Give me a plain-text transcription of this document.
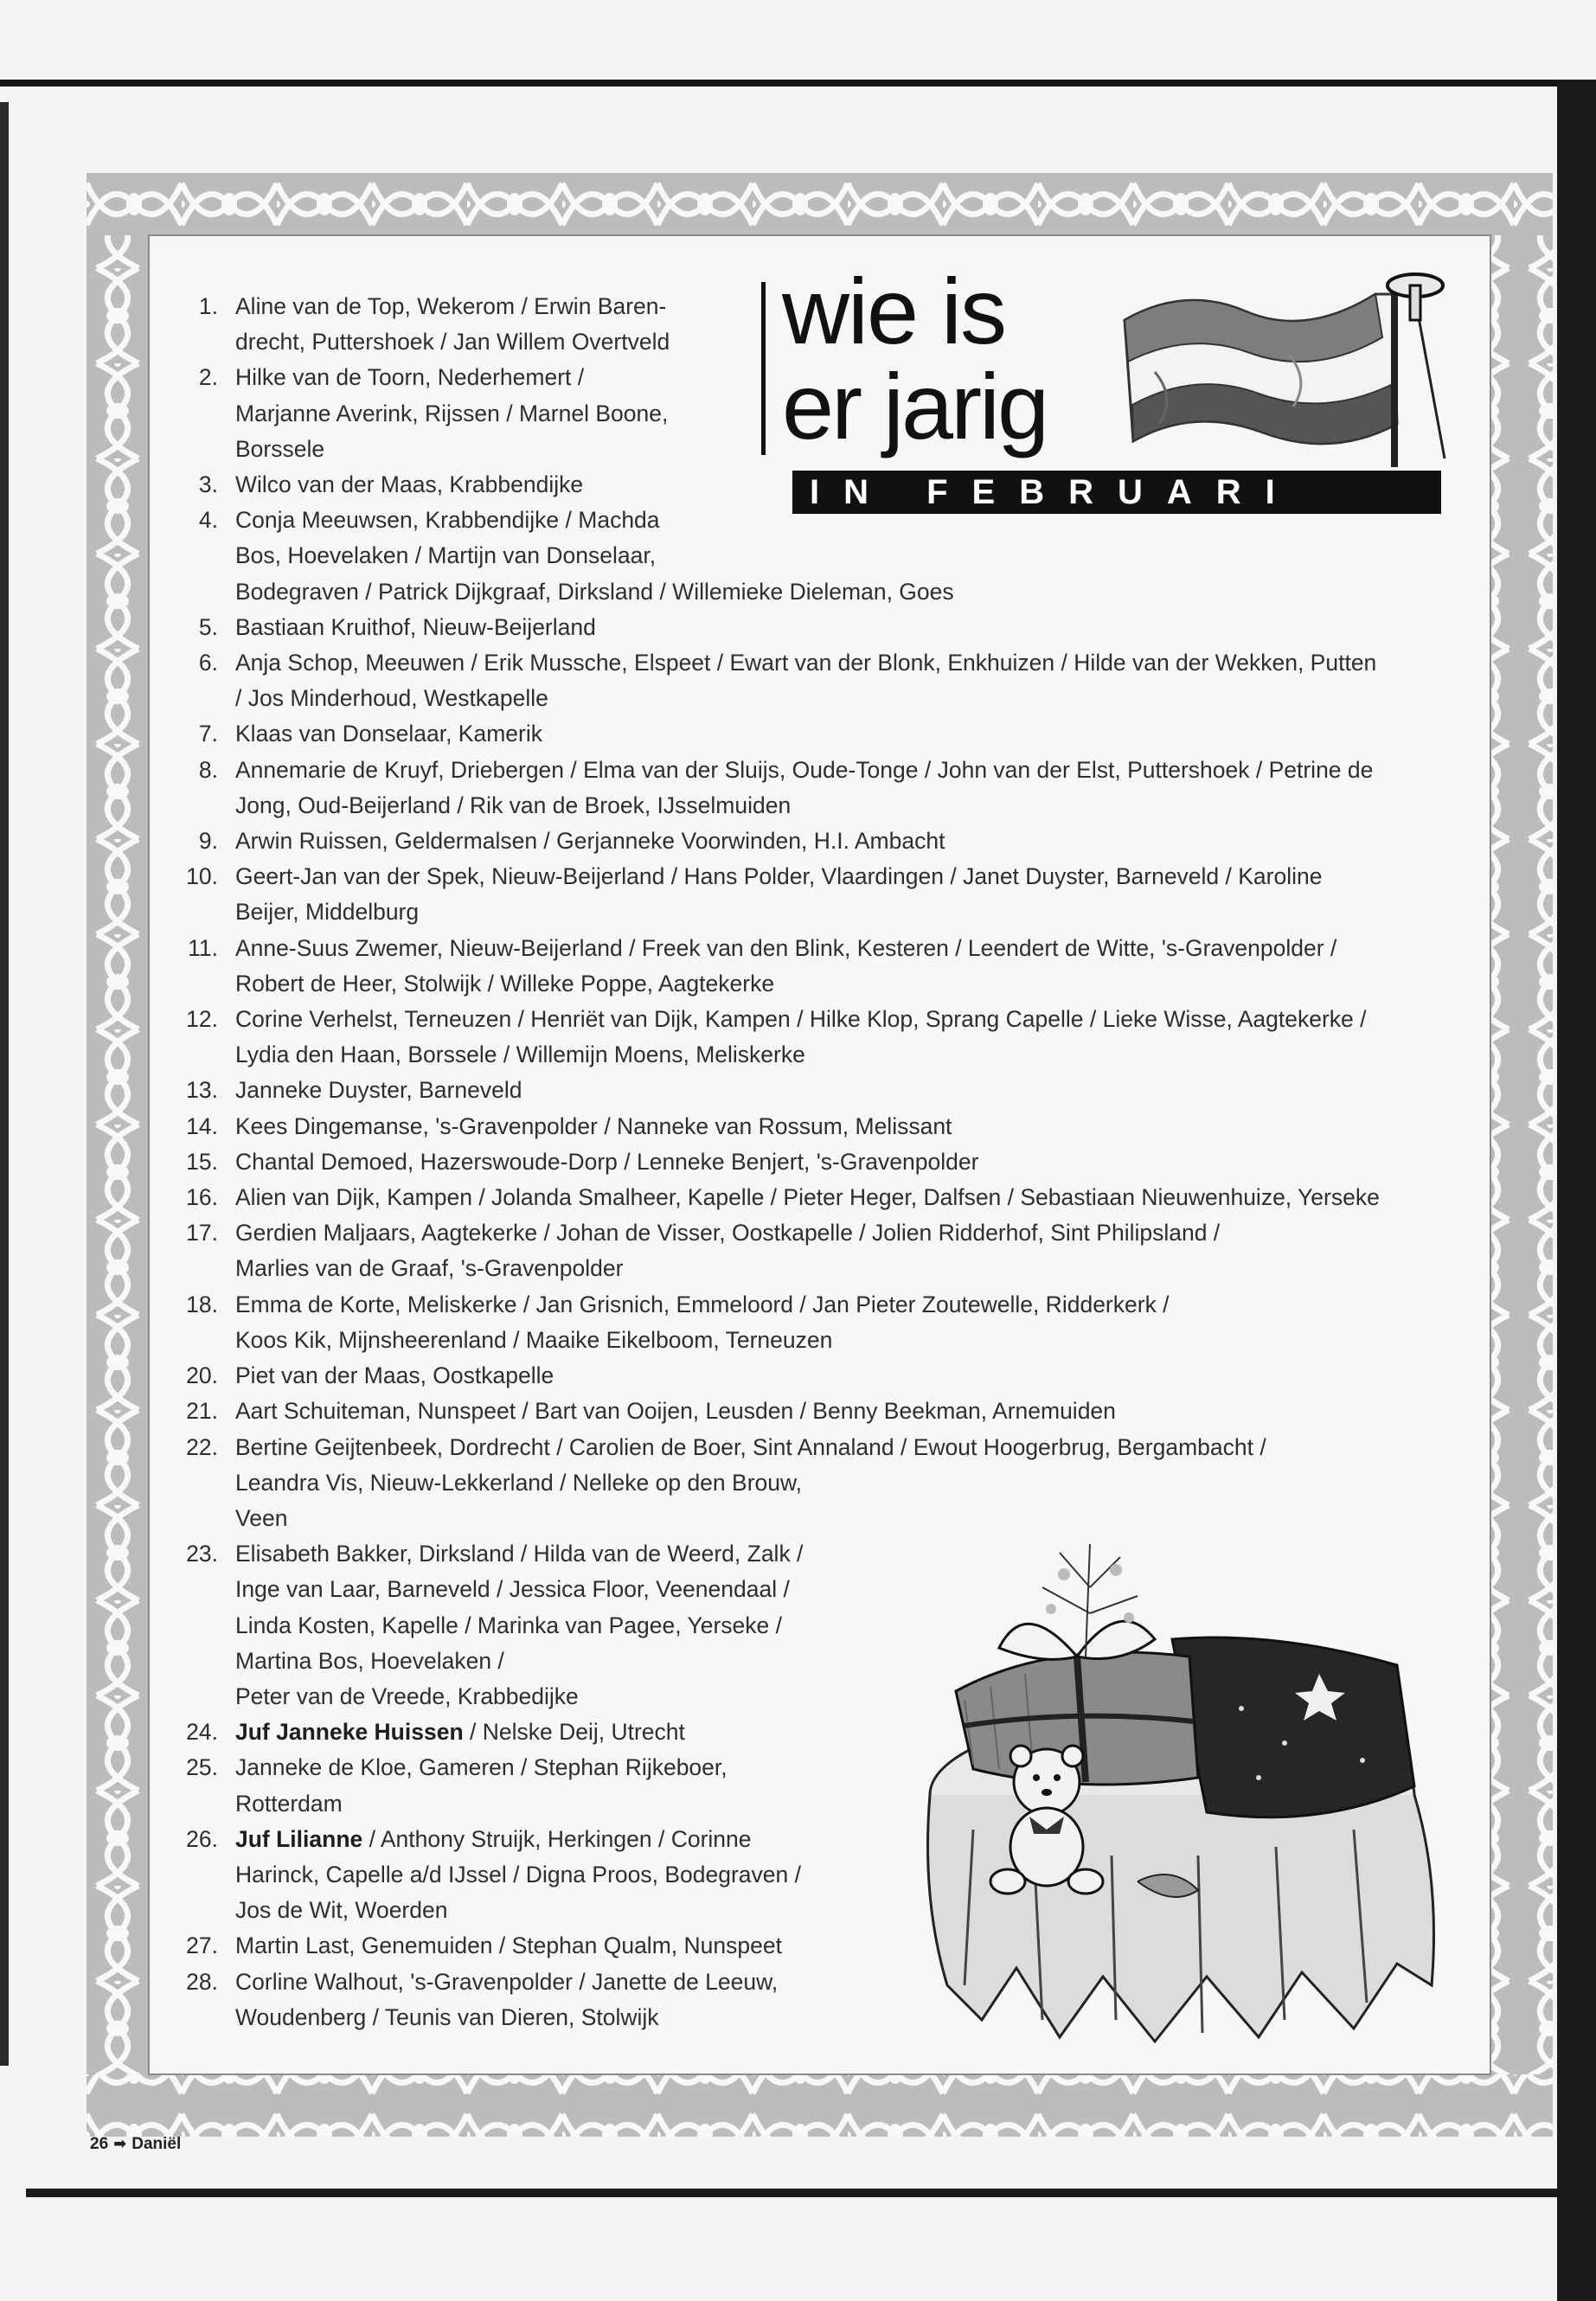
1. Aline van de Top, Wekerom / Erwin Baren-
drecht, Puttershoek / Jan Willem Overtveld
2. Hilke van de Toorn, Nederhemert /
Marjanne Averink, Rijssen / Marnel Boone,
Borssele
3. Wilco van der Maas, Krabbendijke
4. Conja Meeuwsen, Krabbendijke / Machda
Bos, Hoevelaken / Martijn van Donselaar,
Bodegraven / Patrick Dijkgraaf, Dirksland / Willemieke Dieleman, Goes
5. Bastiaan Kruithof, Nieuw-Beijerland
6. Anja Schop, Meeuwen / Erik Mussche, Elspeet / Ewart van der Blonk, Enkhuizen / Hilde van der Wekken, Putten
/ Jos Minderhoud, Westkapelle
7. Klaas van Donselaar, Kamerik
8. Annemarie de Kruyf, Driebergen / Elma van der Sluijs, Oude-Tonge / John van der Elst, Puttershoek / Petrine de
Jong, Oud-Beijerland / Rik van de Broek, IJsselmuiden
9. Arwin Ruissen, Geldermalsen / Gerjanneke Voorwinden, H.I. Ambacht
10. Geert-Jan van der Spek, Nieuw-Beijerland / Hans Polder, Vlaardingen / Janet Duyster, Barneveld / Karoline
Beijer, Middelburg
11. Anne-Suus Zwemer, Nieuw-Beijerland / Freek van den Blink, Kesteren / Leendert de Witte, 's-Gravenpolder /
Robert de Heer, Stolwijk / Willeke Poppe, Aagtekerke
12. Corine Verhelst, Terneuzen / Henriët van Dijk, Kampen / Hilke Klop, Sprang Capelle / Lieke Wisse, Aagtekerke /
Lydia den Haan, Borssele / Willemijn Moens, Meliskerke
13. Janneke Duyster, Barneveld
14. Kees Dingemanse, 's-Gravenpolder / Nanneke van Rossum, Melissant
15. Chantal Demoed, Hazerswoude-Dorp / Lenneke Benjert, 's-Gravenpolder
16. Alien van Dijk, Kampen / Jolanda Smalheer, Kapelle / Pieter Heger, Dalfsen / Sebastiaan Nieuwenhuize, Yerseke
17. Gerdien Maljaars, Aagtekerke / Johan de Visser, Oostkapelle / Jolien Ridderhof, Sint Philipsland /
Marlies van de Graaf, 's-Gravenpolder
18. Emma de Korte, Meliskerke / Jan Grisnich, Emmeloord / Jan Pieter Zoutewelle, Ridderkerk /
Koos Kik, Mijnsheerenland / Maaike Eikelboom, Terneuzen
20. Piet van der Maas, Oostkapelle
21. Aart Schuiteman, Nunspeet / Bart van Ooijen, Leusden / Benny Beekman, Arnemuiden
22. Bertine Geijtenbeek, Dordrecht / Carolien de Boer, Sint Annaland / Ewout Hoogerbrug, Bergambacht /
Leandra Vis, Nieuw-Lekkerland / Nelleke op den Brouw,
Veen
23. Elisabeth Bakker, Dirksland / Hilda van de Weerd, Zalk /
Inge van Laar, Barneveld / Jessica Floor, Veenendaal /
Linda Kosten, Kapelle / Marinka van Pagee, Yerseke /
Martina Bos, Hoevelaken /
Peter van de Vreede, Krabbedijke
24. Juf Janneke Huissen / Nelske Deij, Utrecht
25. Janneke de Kloe, Gameren / Stephan Rijkeboer,
Rotterdam
26. Juf Lilianne / Anthony Struijk, Herkingen / Corinne
Harinck, Capelle a/d IJssel / Digna Proos, Bodegraven /
Jos de Wit, Woerden
27. Martin Last, Genemuiden / Stephan Qualm, Nunspeet
28. Corline Walhout, 's-Gravenpolder / Janette de Leeuw,
Woudenberg / Teunis van Dieren, Stolwijk

wie is

er jarig

IN FEBRUARI

26 ➡ Daniël
